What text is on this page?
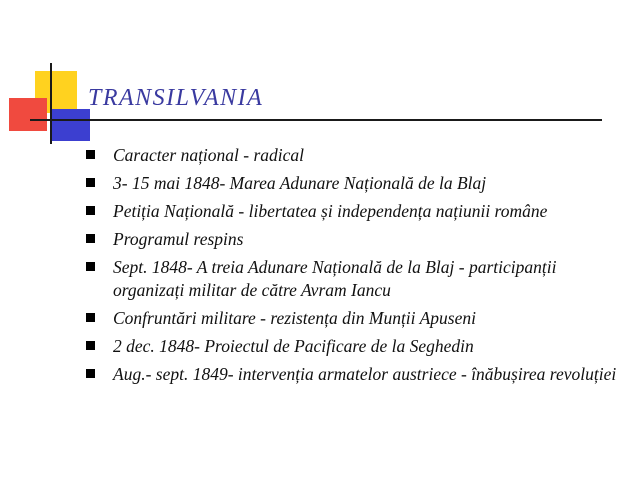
TRANSILVANIA
Caracter național - radical
3- 15 mai 1848- Marea Adunare Națională de la Blaj
Petiția Națională - libertatea și independența națiunii române
Programul respins
Sept. 1848- A treia Adunare Națională de la Blaj - participanții organizați militar de către Avram Iancu
Confruntări militare - rezistența din Munții Apuseni
2 dec. 1848- Proiectul de Pacificare de la Seghedin
Aug.- sept. 1849- intervenția armatelor austriece - înăbușirea revoluției
